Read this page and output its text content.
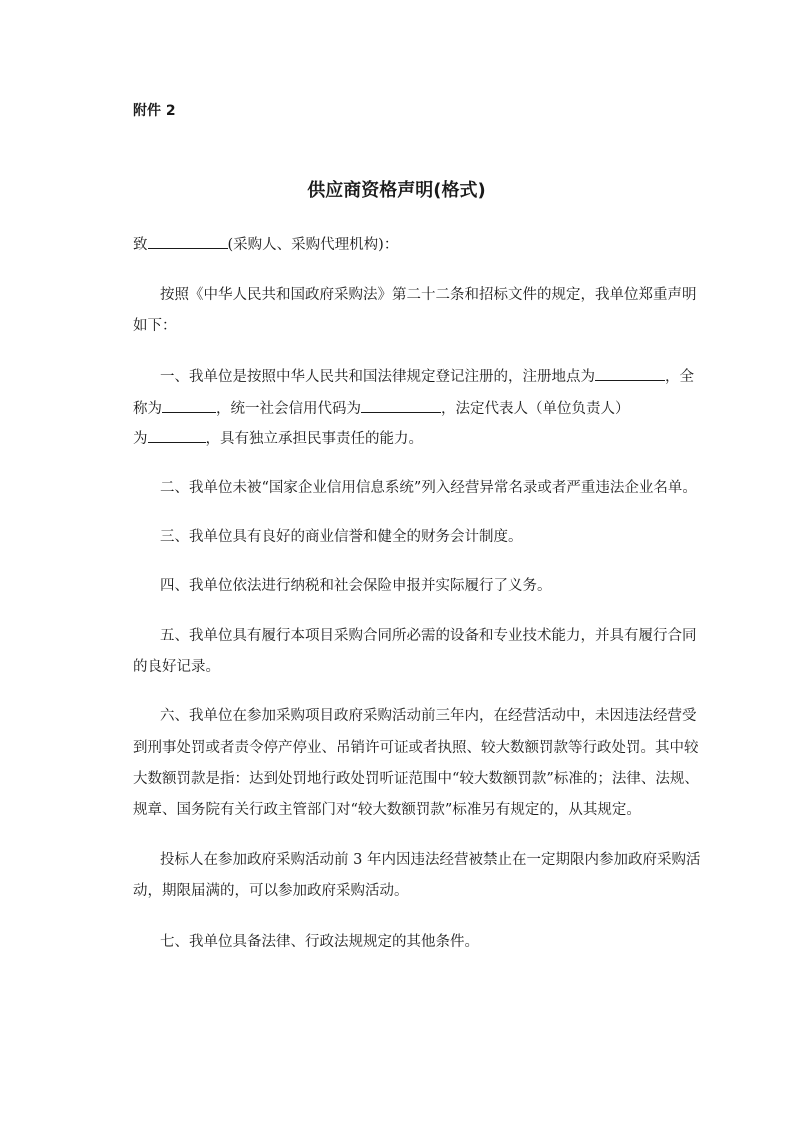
附件 2
供应商资格声明(格式)
致	(采购人、采购代理机构)：
按照《中华人民共和国政府采购法》第二十二条和招标文件的规定，我单位郑重声明
如下：
一、我单位是按照中华人民共和国法律规定登记注册的，注册地点为	，全
称为	，统一社会信用代码为	，法定代表人（单位负责人）
为	，具有独立承担民事责任的能力。
二、我单位未被“国家企业信用信息系统”列入经营异常名录或者严重违法企业名单。
三、我单位具有良好的商业信誉和健全的财务会计制度。
四、我单位依法进行纳税和社会保险申报并实际履行了义务。
五、我单位具有履行本项目采购合同所必需的设备和专业技术能力，并具有履行合同
的良好记录。
六、我单位在参加采购项目政府采购活动前三年内，在经营活动中，未因违法经营受
到刑事处罚或者责令停产停业、吊销许可证或者执照、较大数额罚款等行政处罚。其中较
大数额罚款是指：达到处罚地行政处罚听证范围中“较大数额罚款”标准的；法律、法规、
规章、国务院有关行政主管部门对“较大数额罚款”标准另有规定的，从其规定。
投标人在参加政府采购活动前 3 年内因违法经营被禁止在一定期限内参加政府采购活
动，期限届满的，可以参加政府采购活动。
七、我单位具备法律、行政法规规定的其他条件。
